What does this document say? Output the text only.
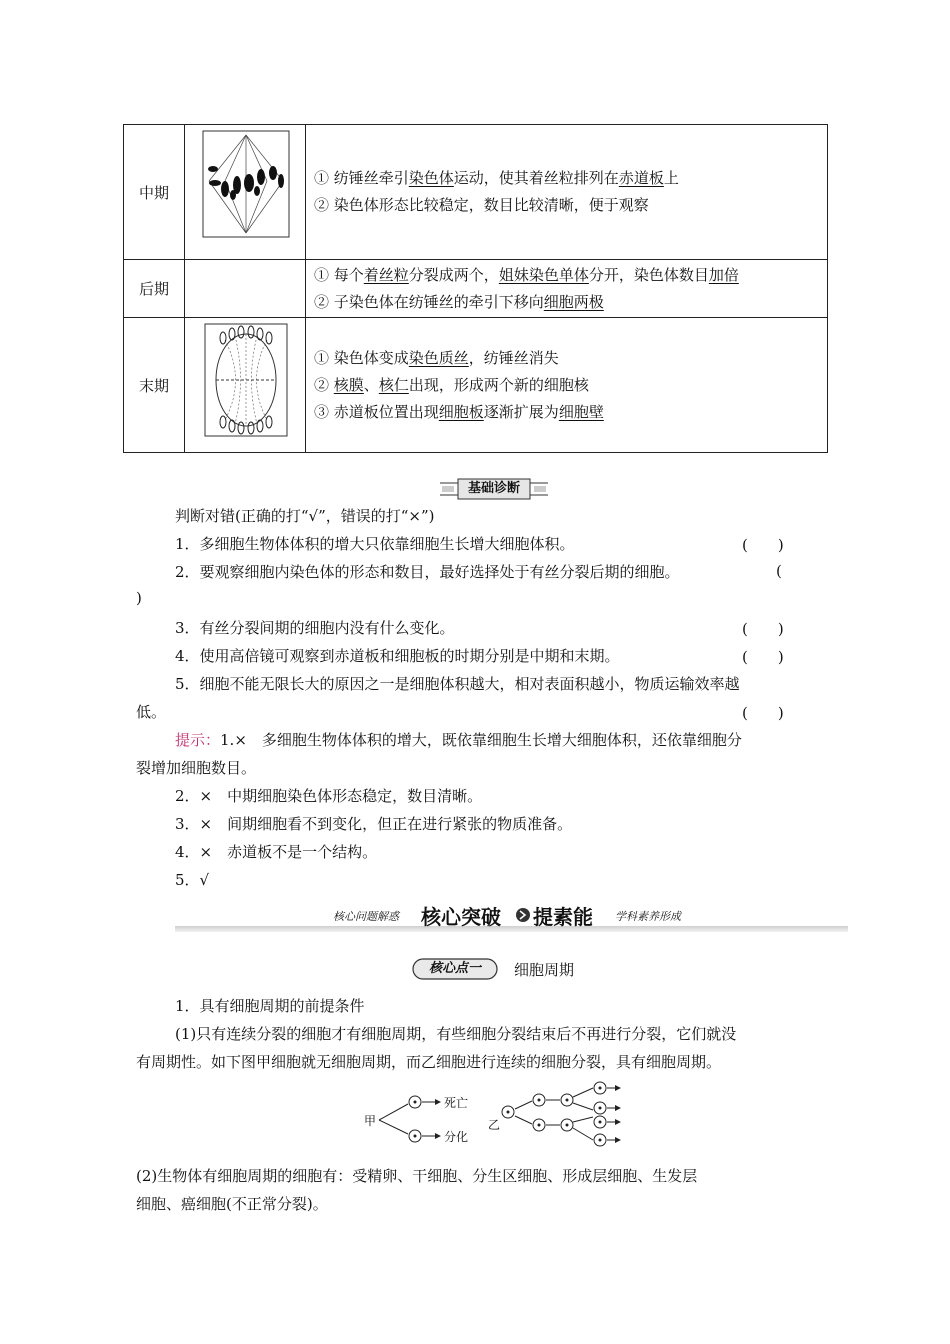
中期		① 纺锤丝牵引染色体运动，使其着丝粒排列在赤道板上
② 染色体形态比较稳定，数目比较清晰，便于观察

后期		① 每个着丝粒分裂成两个，姐妹染色单体分开，染色体数目加倍
② 子染色体在纺锤丝的牵引下移向细胞两极

末期		① 染色体变成染色质丝，纺锤丝消失
② 核膜、核仁出现，形成两个新的细胞核
③ 赤道板位置出现细胞板逐渐扩展为细胞壁
基础诊断
判断对错(正确的打“√”，错误的打“×”)
1．多细胞生物体体积的增大只依靠细胞生长增大细胞体积。	(　　)
2．要观察细胞内染色体的形态和数目，最好选择处于有丝分裂后期的细胞。	(
)
3．有丝分裂间期的细胞内没有什么变化。	(　　)
4．使用高倍镜可观察到赤道板和细胞板的时期分别是中期和末期。	(　　)
5．细胞不能无限长大的原因之一是细胞体积越大，相对表面积越小，物质运输效率越
低。	(　　)
提示：1.×　多细胞生物体体积的增大，既依靠细胞生长增大细胞体积，还依靠细胞分
裂增加细胞数目。
2．×　中期细胞染色体形态稳定，数目清晰。
3．×　间期细胞看不到变化，但正在进行紧张的物质准备。
4．×　赤道板不是一个结构。
5．√
核心问题解惑 核心突破 提素能 学科素养形成
核心点一	细胞周期
1．具有细胞周期的前提条件
(1)只有连续分裂的细胞才有细胞周期，有些细胞分裂结束后不再进行分裂，它们就没
有周期性。如下图甲细胞就无细胞周期，而乙细胞进行连续的细胞分裂，具有细胞周期。
甲
死亡
分化
乙
(2)生物体有细胞周期的细胞有：受精卵、干细胞、分生区细胞、形成层细胞、生发层
细胞、癌细胞(不正常分裂)。
